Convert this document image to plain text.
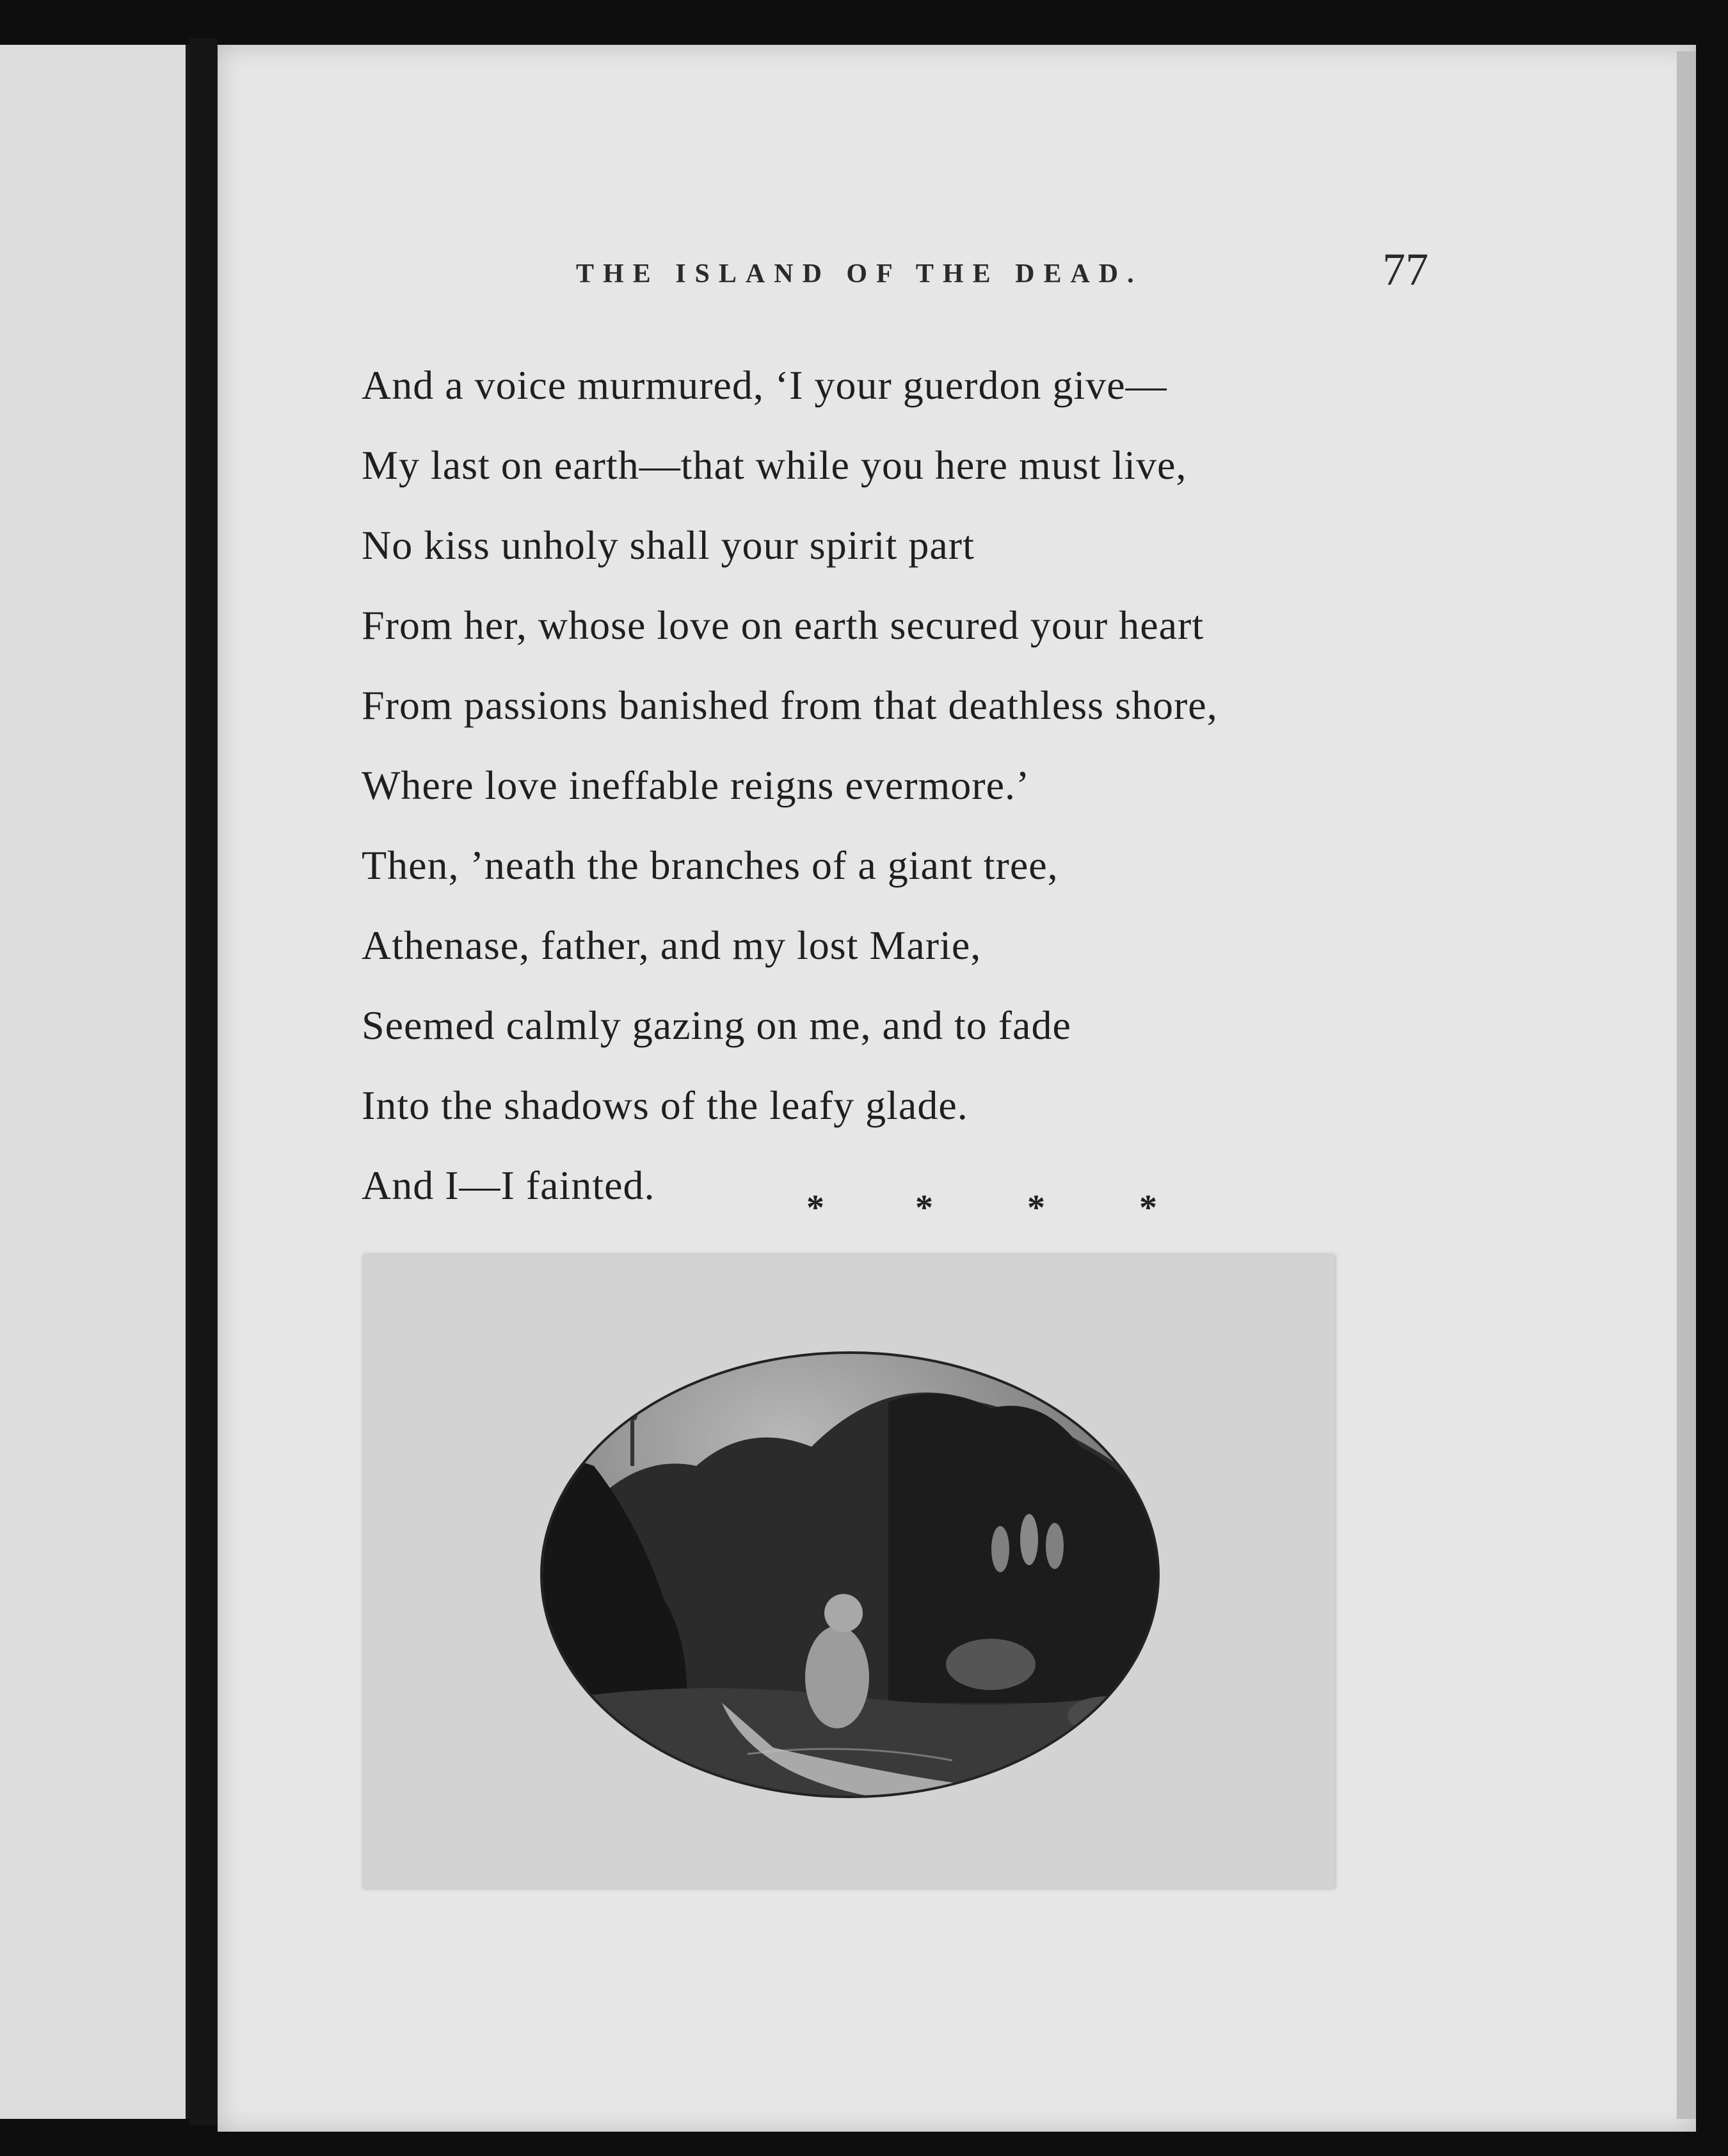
THE ISLAND OF THE DEAD.	77
And a voice murmured, ‘I your guerdon give—
My last on earth—that while you here must live,
No kiss unholy shall your spirit part
From her, whose love on earth secured your heart
From passions banished from that deathless shore,
Where love ineffable reigns evermore.’
Then, ’neath the branches of a giant tree,
Athenase, father, and my lost Marie,
Seemed calmly gazing on me, and to fade
Into the shadows of the leafy glade.
And I—I fainted.	*	*	*	*
